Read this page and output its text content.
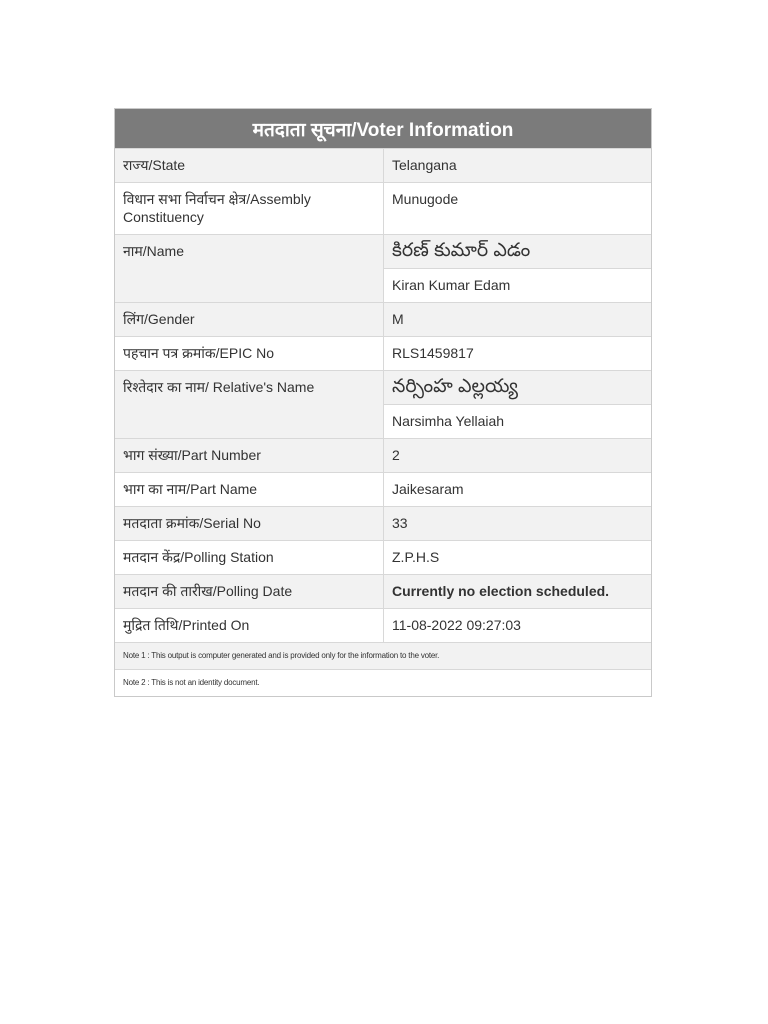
मतदाता सूचना/Voter Information
राज्य/State	Telangana
विधान सभा निर्वाचन क्षेत्र/Assembly Constituency	Munugode
नाम/Name	కిరణ్ కుమార్ ఎడం
	Kiran Kumar Edam
लिंग/Gender	M
पहचान पत्र क्रमांक/EPIC No	RLS1459817
रिश्तेदार का नाम/ Relative's Name	నర్సింహ ఎల్లయ్య
	Narsimha Yellaiah
भाग संख्या/Part Number	2
भाग का नाम/Part Name	Jaikesaram
मतदाता क्रमांक/Serial No	33
मतदान केंद्र/Polling Station	Z.P.H.S
मतदान की तारीख/Polling Date	Currently no election scheduled.
मुद्रित तिथि/Printed On	11-08-2022 09:27:03
Note 1 : This output is computer generated and is provided only for the information to the voter.	
Note 2 : This is not an identity document.	
